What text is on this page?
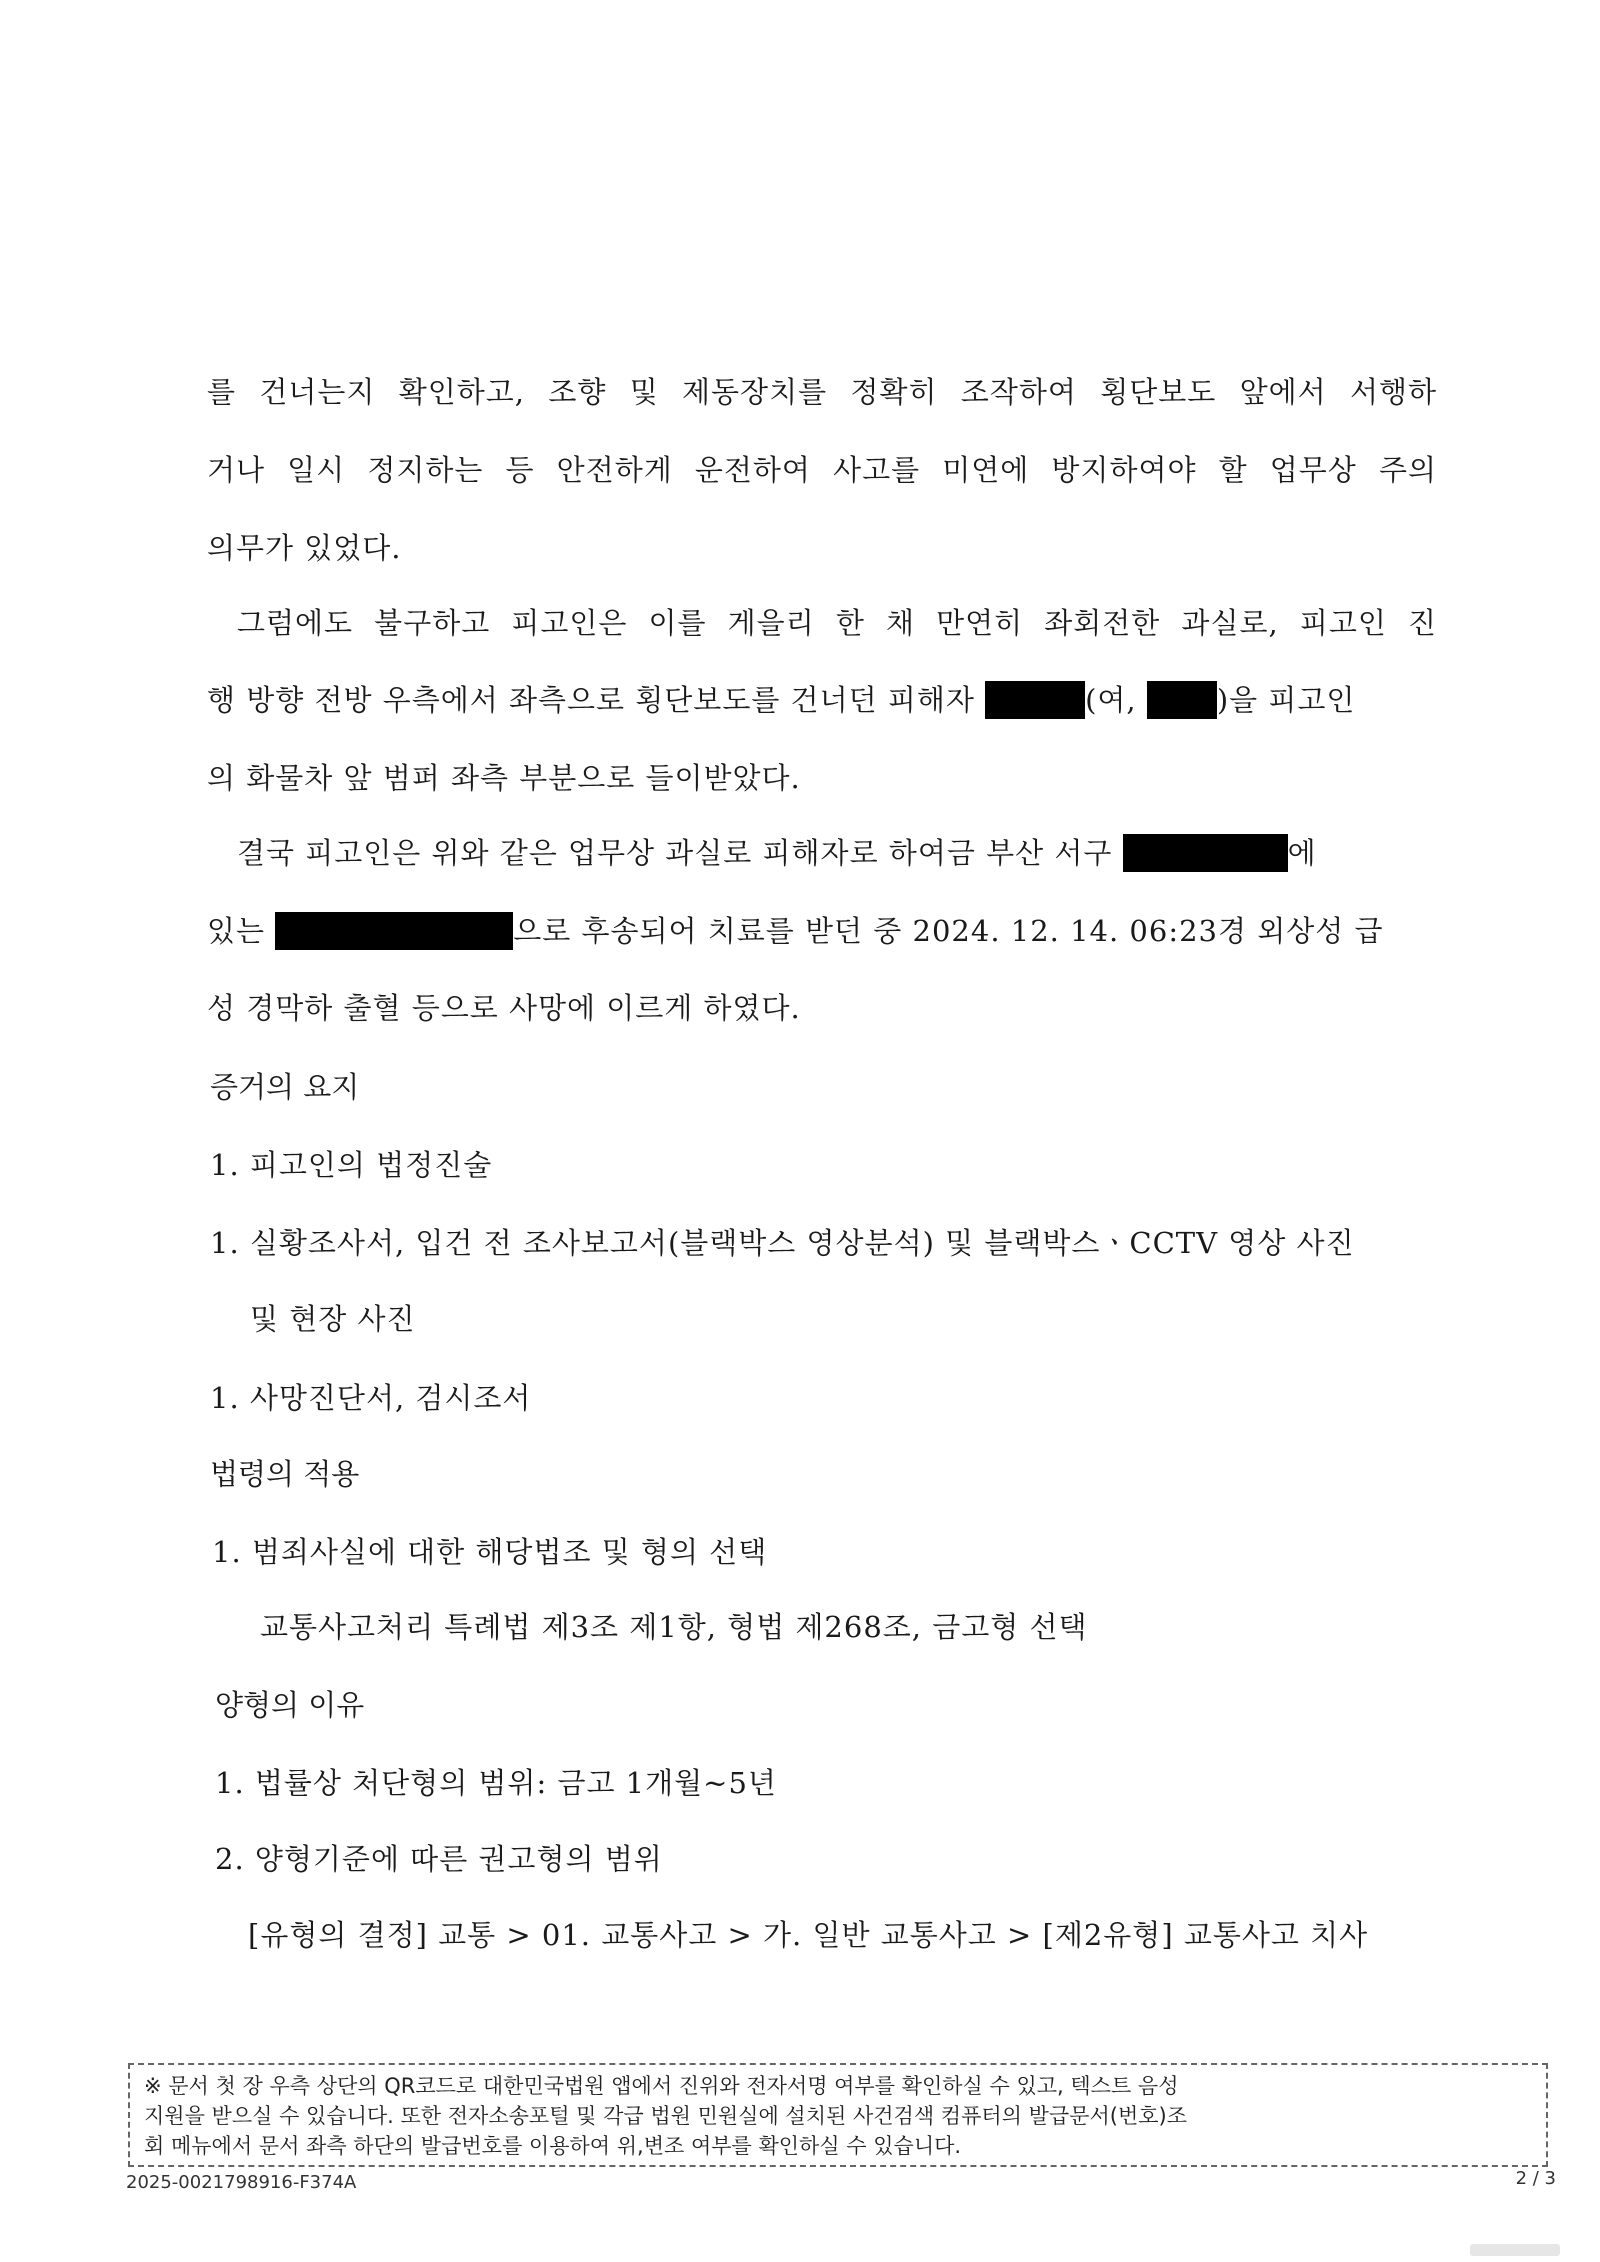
를 건너는지 확인하고, 조향 및 제동장치를 정확히 조작하여 횡단보도 앞에서 서행하
거나 일시 정지하는 등 안전하게 운전하여 사고를 미연에 방지하여야 할 업무상 주의
의무가 있었다.
그럼에도 불구하고 피고인은 이를 게을리 한 채 만연히 좌회전한 과실로, 피고인 진
행 방향 전방 우측에서 좌측으로 횡단보도를 건너던 피해자	(여, )을 피고인
의 화물차 앞 범퍼 좌측 부분으로 들이받았다.
결국 피고인은 위와 같은 업무상 과실로 피해자로 하여금 부산 서구	에
있는	으로 후송되어 치료를 받던 중 2024. 12. 14. 06:23경 외상성 급
성 경막하 출혈 등으로 사망에 이르게 하였다.
증거의 요지
1. 피고인의 법정진술
1. 실황조사서, 입건 전 조사보고서(블랙박스 영상분석) 및 블랙박스ㆍCCTV 영상 사진
및 현장 사진
1. 사망진단서, 검시조서
법령의 적용
1. 범죄사실에 대한 해당법조 및 형의 선택
교통사고처리 특례법 제3조 제1항, 형법 제268조, 금고형 선택
양형의 이유
1. 법률상 처단형의 범위: 금고 1개월~5년
2. 양형기준에 따른 권고형의 범위
[유형의 결정] 교통 > 01. 교통사고 > 가. 일반 교통사고 > [제2유형] 교통사고 치사
※ 문서 첫 장 우측 상단의 QR코드로 대한민국법원 앱에서 진위와 전자서명 여부를 확인하실 수 있고, 텍스트 음성
지원을 받으실 수 있습니다. 또한 전자소송포털 및 각급 법원 민원실에 설치된 사건검색 컴퓨터의 발급문서(번호)조
회 메뉴에서 문서 좌측 하단의 발급번호를 이용하여 위,변조 여부를 확인하실 수 있습니다.
2025-0021798916-F374A	2 / 3
